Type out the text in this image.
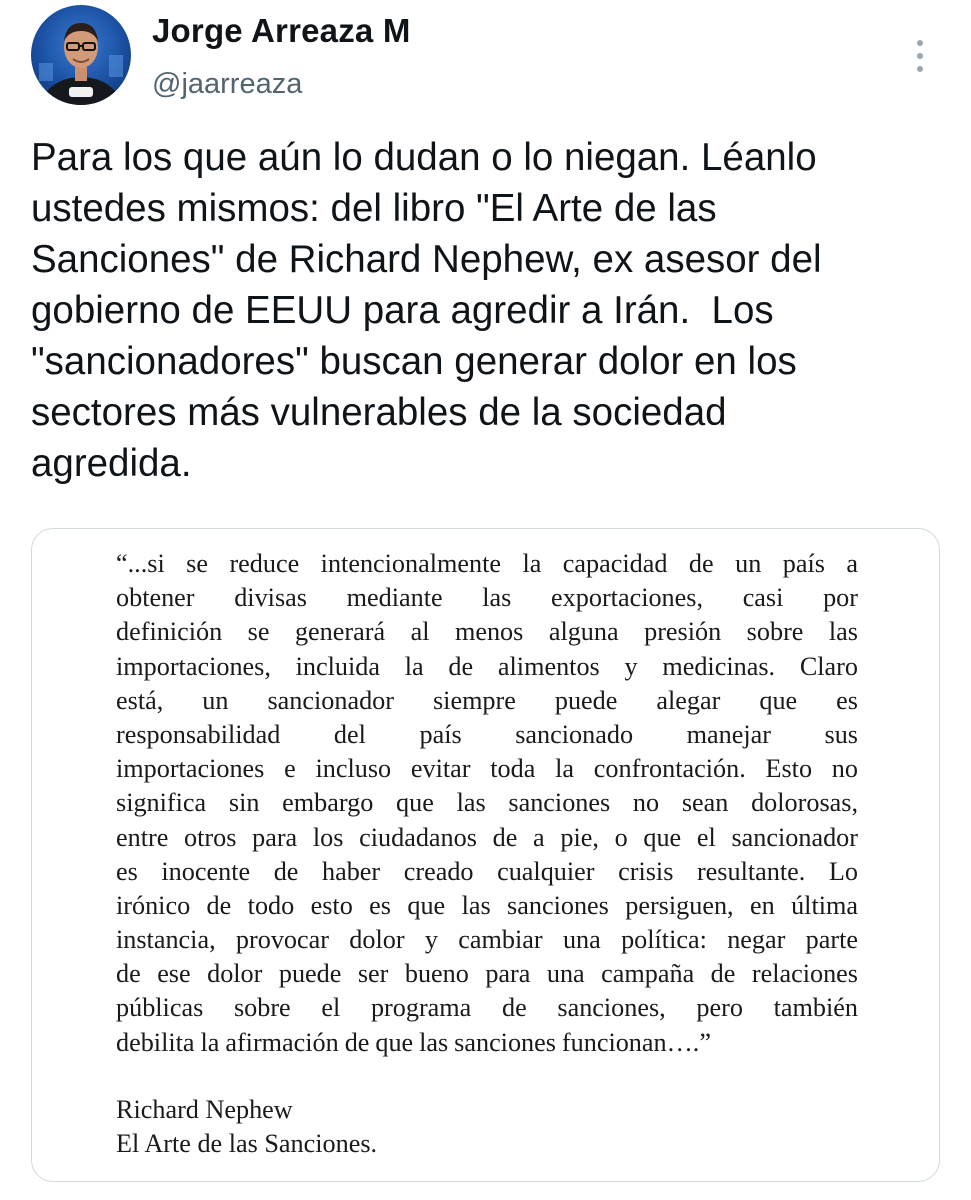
Jorge Arreaza M
@jaarreaza

Para los que aún lo dudan o lo niegan. Léanlo
ustedes mismos: del libro "El Arte de las
Sanciones" de Richard Nephew, ex asesor del
gobierno de EEUU para agredir a Irán.  Los
"sancionadores" buscan generar dolor en los
sectores más vulnerables de la sociedad
agredida.

“...si se reduce intencionalmente la capacidad de un país a
obtener divisas mediante las exportaciones, casi por
definición se generará al menos alguna presión sobre las
importaciones, incluida la de alimentos y medicinas. Claro
está, un sancionador siempre puede alegar que es
responsabilidad del país sancionado manejar sus
importaciones e incluso evitar toda la confrontación. Esto no
significa sin embargo que las sanciones no sean dolorosas,
entre otros para los ciudadanos de a pie, o que el sancionador
es inocente de haber creado cualquier crisis resultante. Lo
irónico de todo esto es que las sanciones persiguen, en última
instancia, provocar dolor y cambiar una política: negar parte
de ese dolor puede ser bueno para una campaña de relaciones
públicas sobre el programa de sanciones, pero también
debilita la afirmación de que las sanciones funcionan….”
Richard Nephew
El Arte de las Sanciones.
